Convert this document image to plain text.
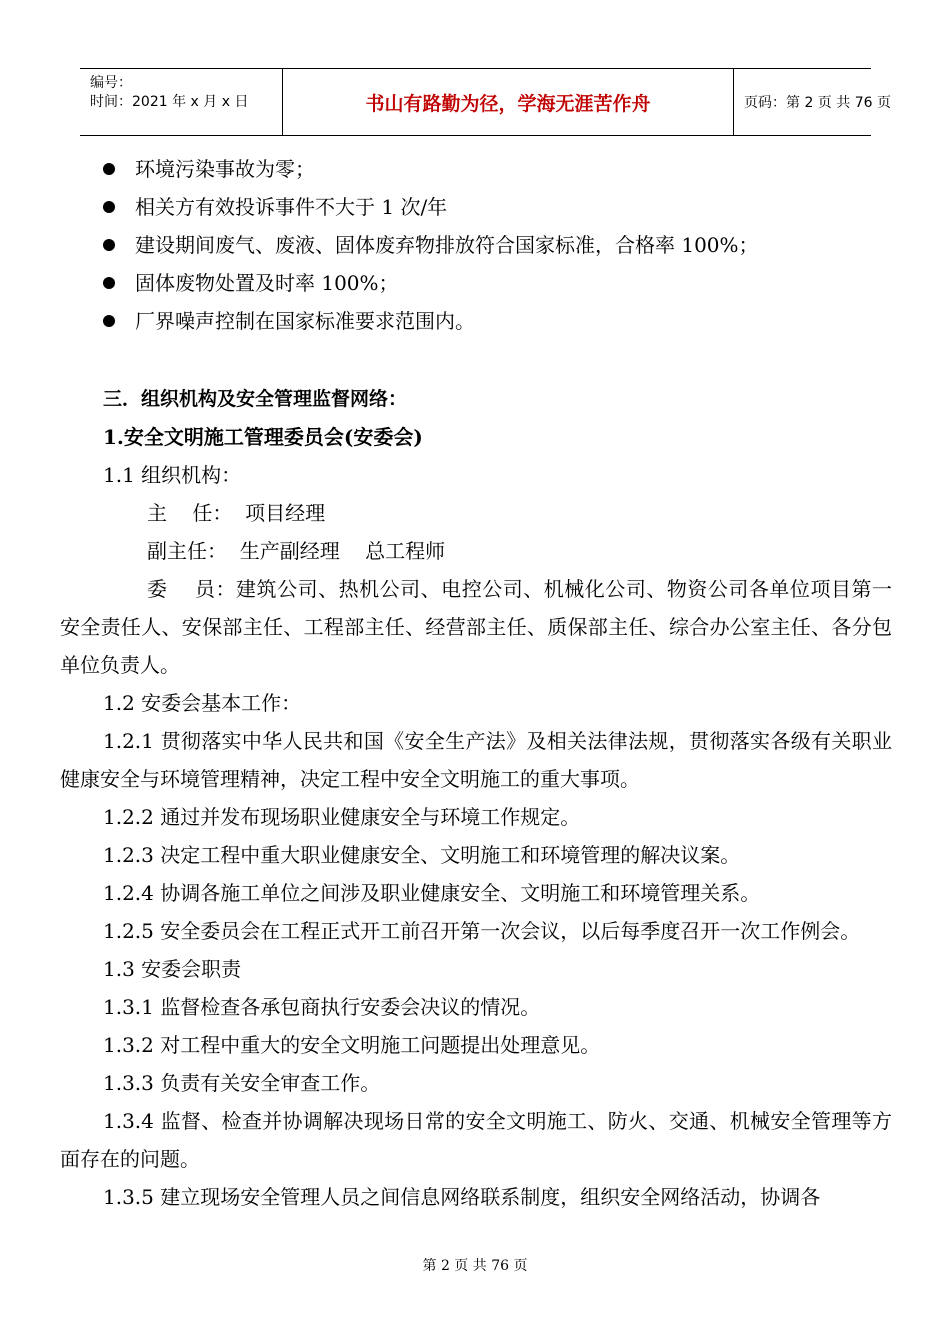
编号：
时间：2021 年 x 月 x 日	书山有路勤为径，学海无涯苦作舟	页码：第 2 页 共 76 页
环境污染事故为零；
相关方有效投诉事件不大于 1 次/年
建设期间废气、废液、固体废弃物排放符合国家标准，合格率 100%；
固体废物处置及时率 100%；
厂界噪声控制在国家标准要求范围内。
三．组织机构及安全管理监督网络：
1.安全文明施工管理委员会(安委会)
1.1 组织机构：
主    任：  项目经理
副主任：  生产副经理    总工程师
委    员：建筑公司、热机公司、电控公司、机械化公司、物资公司各单位项目第一安全责任人、安保部主任、工程部主任、经营部主任、质保部主任、综合办公室主任、各分包单位负责人。
1.2 安委会基本工作：
1.2.1 贯彻落实中华人民共和国《安全生产法》及相关法律法规，贯彻落实各级有关职业健康安全与环境管理精神，决定工程中安全文明施工的重大事项。
1.2.2 通过并发布现场职业健康安全与环境工作规定。
1.2.3 决定工程中重大职业健康安全、文明施工和环境管理的解决议案。
1.2.4 协调各施工单位之间涉及职业健康安全、文明施工和环境管理关系。
1.2.5 安全委员会在工程正式开工前召开第一次会议，以后每季度召开一次工作例会。
1.3 安委会职责
1.3.1 监督检查各承包商执行安委会决议的情况。
1.3.2 对工程中重大的安全文明施工问题提出处理意见。
1.3.3 负责有关安全审查工作。
1.3.4 监督、检查并协调解决现场日常的安全文明施工、防火、交通、机械安全管理等方面存在的问题。
1.3.5 建立现场安全管理人员之间信息网络联系制度，组织安全网络活动，协调各
第 2 页 共 76 页
